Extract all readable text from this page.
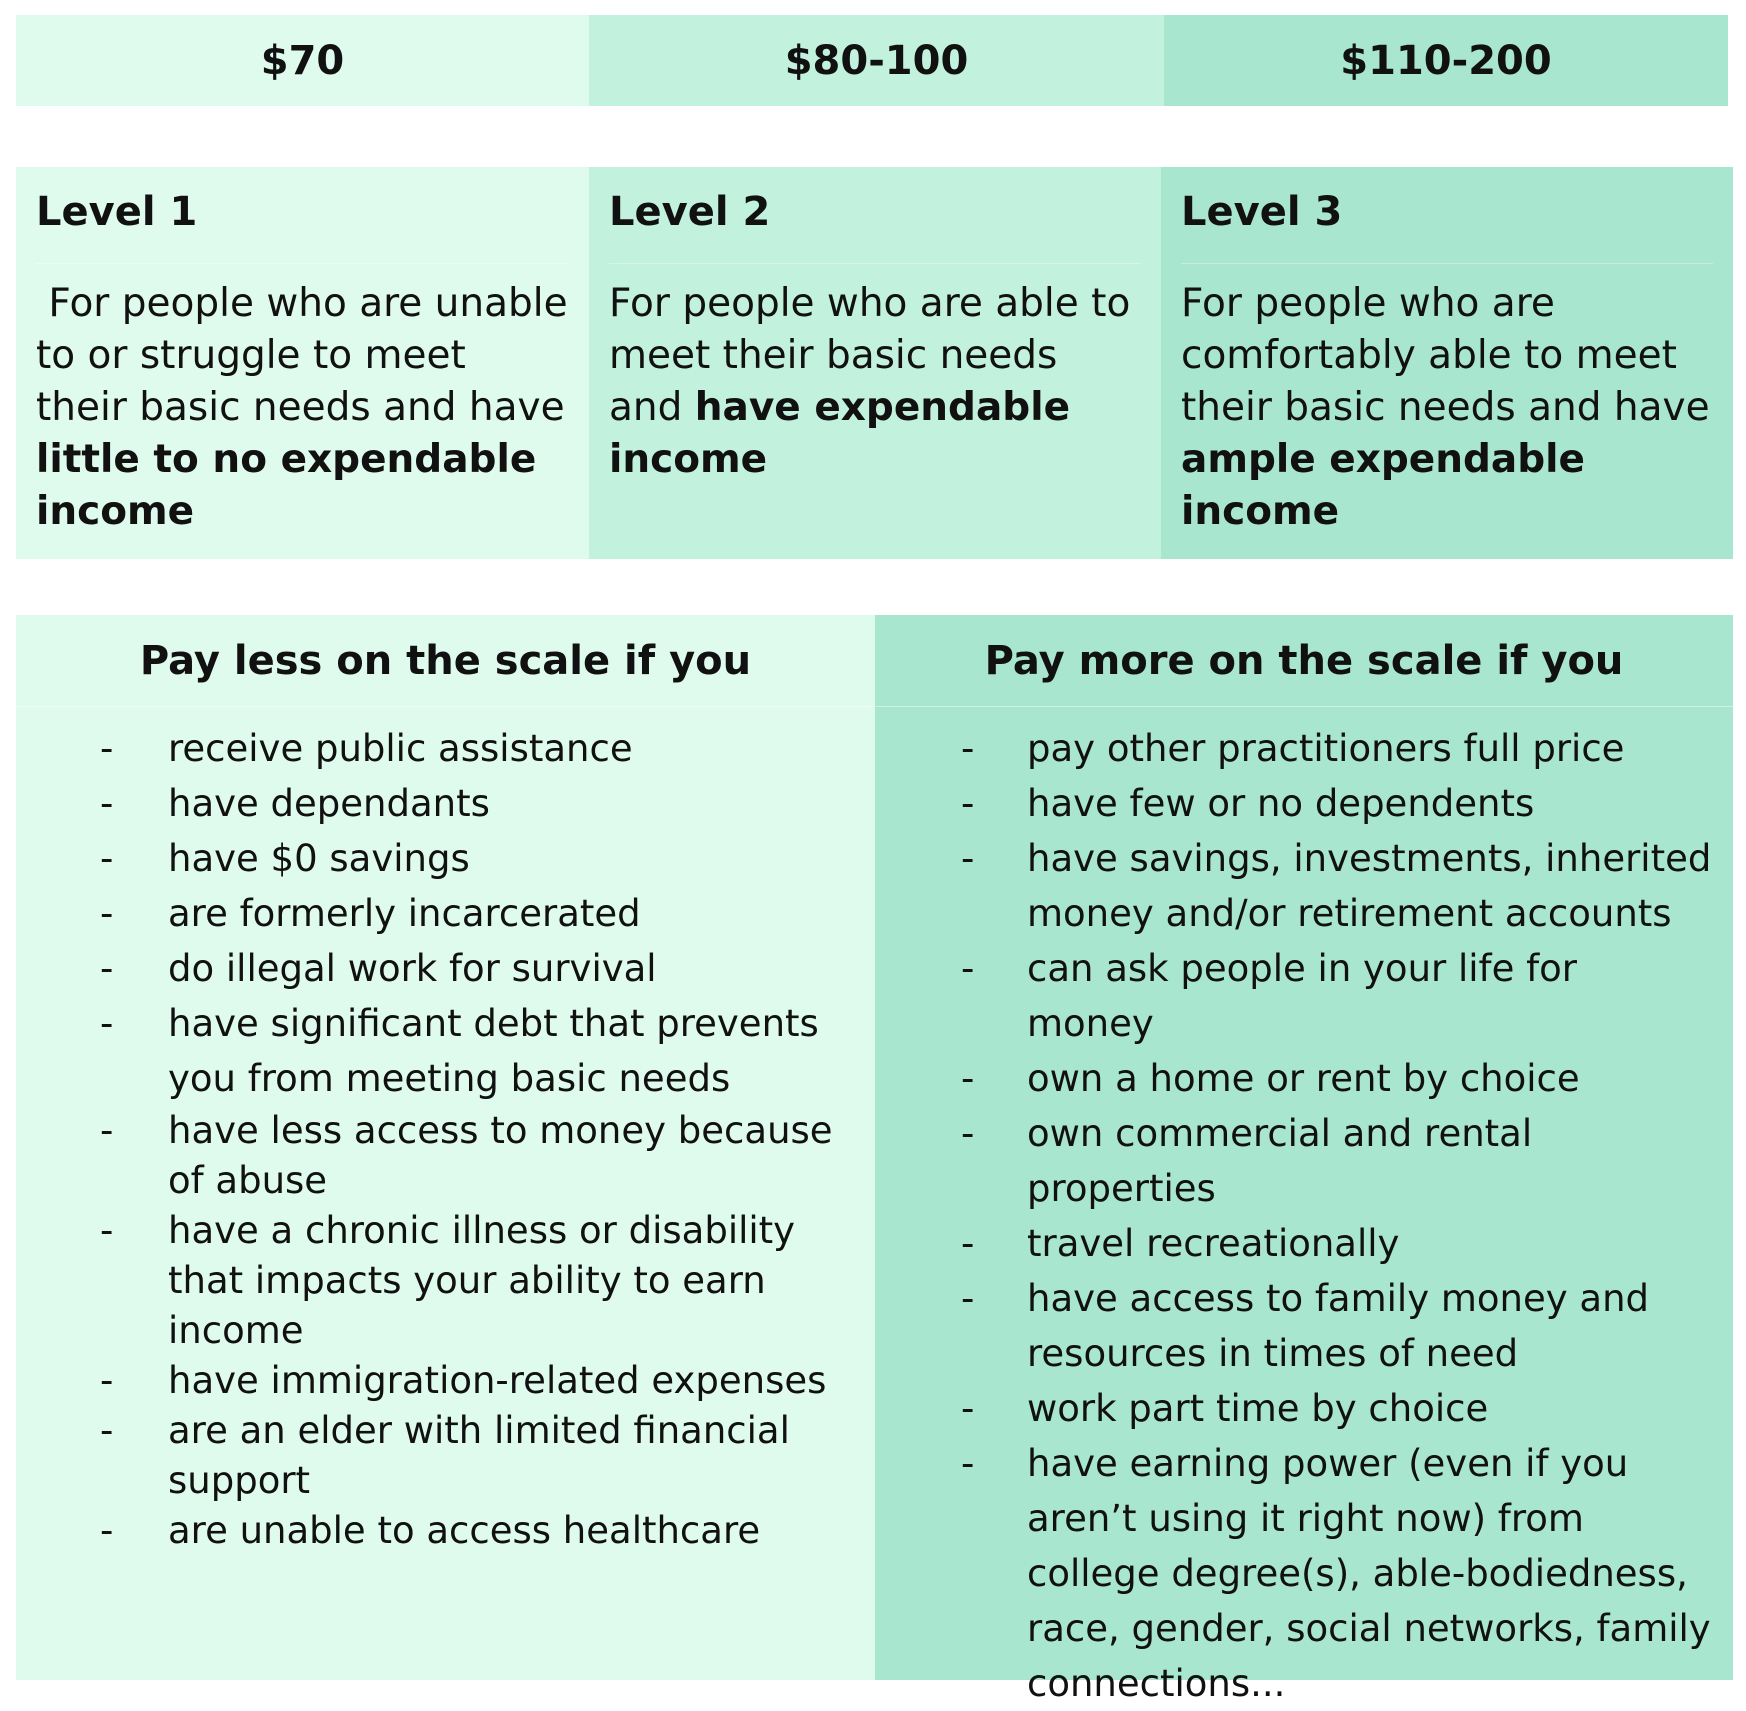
$70	$80-100	$110-200
Level 1
For people who are unable to or struggle to meet their basic needs and have little to no expendable income
Level 2
For people who are able to meet their basic needs and have expendable income
Level 3
For people who are comfortably able to meet their basic needs and have ample expendable income
Pay less on the scale if you
-	receive public assistance
-	have dependants
-	have $0 savings
-	are formerly incarcerated
-	do illegal work for survival
-	have significant debt that prevents you from meeting basic needs
-	have less access to money because of abuse
-	have a chronic illness or disability that impacts your ability to earn income
-	have immigration-related expenses
-	are an elder with limited financial support
-	are unable to access healthcare
Pay more on the scale if you
-	pay other practitioners full price
-	have few or no dependents
-	have savings, investments, inherited money and/or retirement accounts
-	can ask people in your life for money
-	own a home or rent by choice
-	own commercial and rental properties
-	travel recreationally
-	have access to family money and resources in times of need
-	work part time by choice
-	have earning power (even if you aren’t using it right now) from college degree(s), able-bodiedness, race, gender, social networks, family connections...
